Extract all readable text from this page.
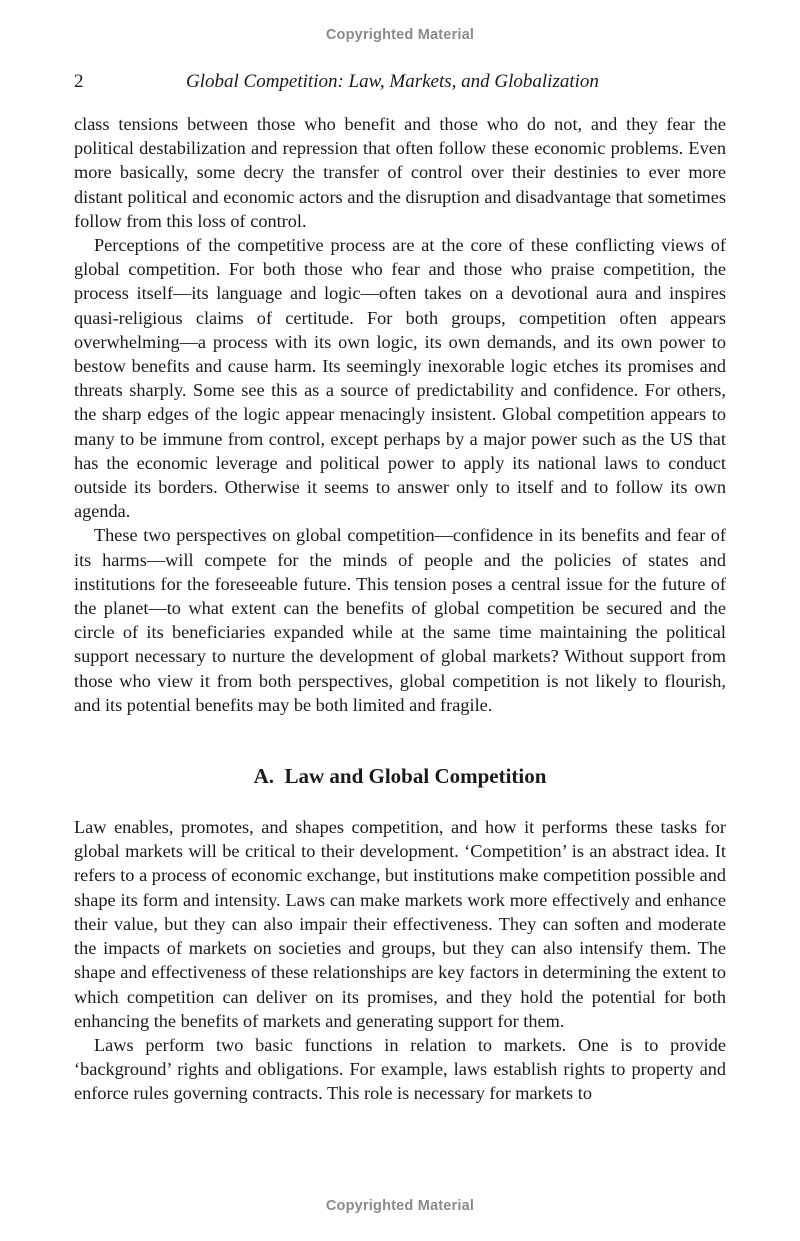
Copyrighted Material
2	Global Competition: Law, Markets, and Globalization

class tensions between those who benefit and those who do not, and they fear the political destabilization and repression that often follow these economic problems. Even more basically, some decry the transfer of control over their destinies to ever more distant political and economic actors and the disruption and disadvantage that sometimes follow from this loss of control.

Perceptions of the competitive process are at the core of these conflicting views of global competition. For both those who fear and those who praise competition, the process itself—its language and logic—often takes on a devotional aura and inspires quasi-religious claims of certitude. For both groups, competition often appears overwhelming—a process with its own logic, its own demands, and its own power to bestow benefits and cause harm. Its seemingly inexorable logic etches its promises and threats sharply. Some see this as a source of predictability and confidence. For others, the sharp edges of the logic appear menacingly insistent. Global competition appears to many to be immune from control, except perhaps by a major power such as the US that has the economic leverage and political power to apply its national laws to conduct outside its borders. Otherwise it seems to answer only to itself and to follow its own agenda.

These two perspectives on global competition—confidence in its benefits and fear of its harms—will compete for the minds of people and the policies of states and institutions for the foreseeable future. This tension poses a central issue for the future of the planet—to what extent can the benefits of global competition be secured and the circle of its beneficiaries expanded while at the same time maintaining the political support necessary to nurture the development of global markets? Without support from those who view it from both perspectives, global competition is not likely to flourish, and its potential benefits may be both limited and fragile.

A. Law and Global Competition

Law enables, promotes, and shapes competition, and how it performs these tasks for global markets will be critical to their development. ‘Competition’ is an abstract idea. It refers to a process of economic exchange, but institutions make competition possible and shape its form and intensity. Laws can make markets work more effectively and enhance their value, but they can also impair their effectiveness. They can soften and moderate the impacts of markets on societies and groups, but they can also intensify them. The shape and effectiveness of these relationships are key factors in determining the extent to which competition can deliver on its promises, and they hold the potential for both enhancing the benefits of markets and generating support for them.

Laws perform two basic functions in relation to markets. One is to provide ‘background’ rights and obligations. For example, laws establish rights to property and enforce rules governing contracts. This role is necessary for markets to

Copyrighted Material
